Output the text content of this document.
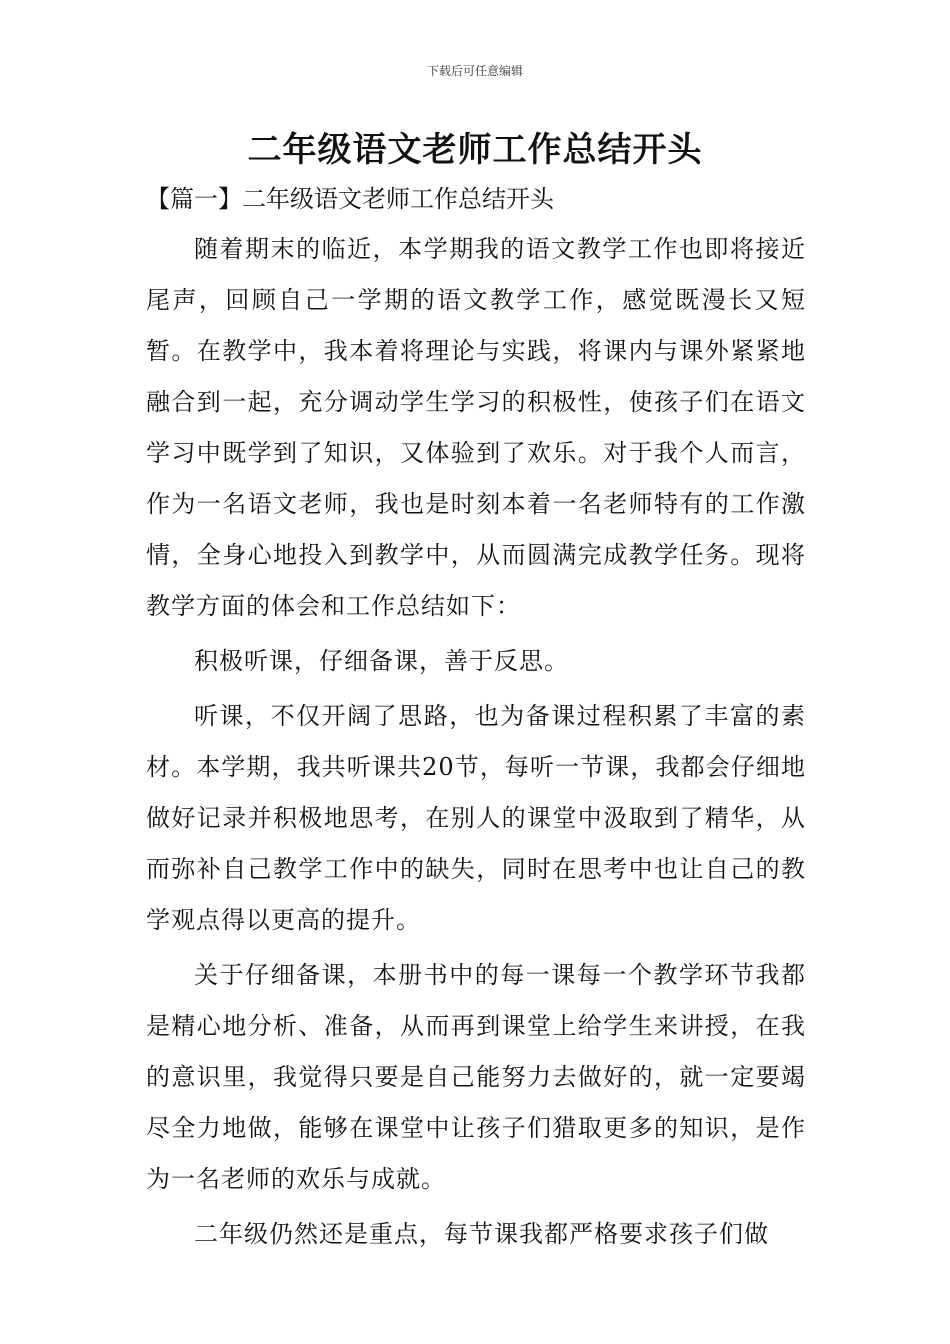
下载后可任意编辑
二年级语文老师工作总结开头
【篇一】二年级语文老师工作总结开头

随着期末的临近，本学期我的语文教学工作也即将接近尾声，回顾自己一学期的语文教学工作，感觉既漫长又短暂。在教学中，我本着将理论与实践，将课内与课外紧紧地融合到一起，充分调动学生学习的积极性，使孩子们在语文学习中既学到了知识，又体验到了欢乐。对于我个人而言，作为一名语文老师，我也是时刻本着一名老师特有的工作激情，全身心地投入到教学中，从而圆满完成教学任务。现将教学方面的体会和工作总结如下：

积极听课，仔细备课，善于反思。

听课，不仅开阔了思路，也为备课过程积累了丰富的素材。本学期，我共听课共20节，每听一节课，我都会仔细地做好记录并积极地思考，在别人的课堂中汲取到了精华，从而弥补自己教学工作中的缺失，同时在思考中也让自己的教学观点得以更高的提升。

关于仔细备课，本册书中的每一课每一个教学环节我都是精心地分析、准备，从而再到课堂上给学生来讲授，在我的意识里，我觉得只要是自己能努力去做好的，就一定要竭尽全力地做，能够在课堂中让孩子们猎取更多的知识，是作为一名老师的欢乐与成就。

二年级仍然还是重点，每节课我都严格要求孩子们做
